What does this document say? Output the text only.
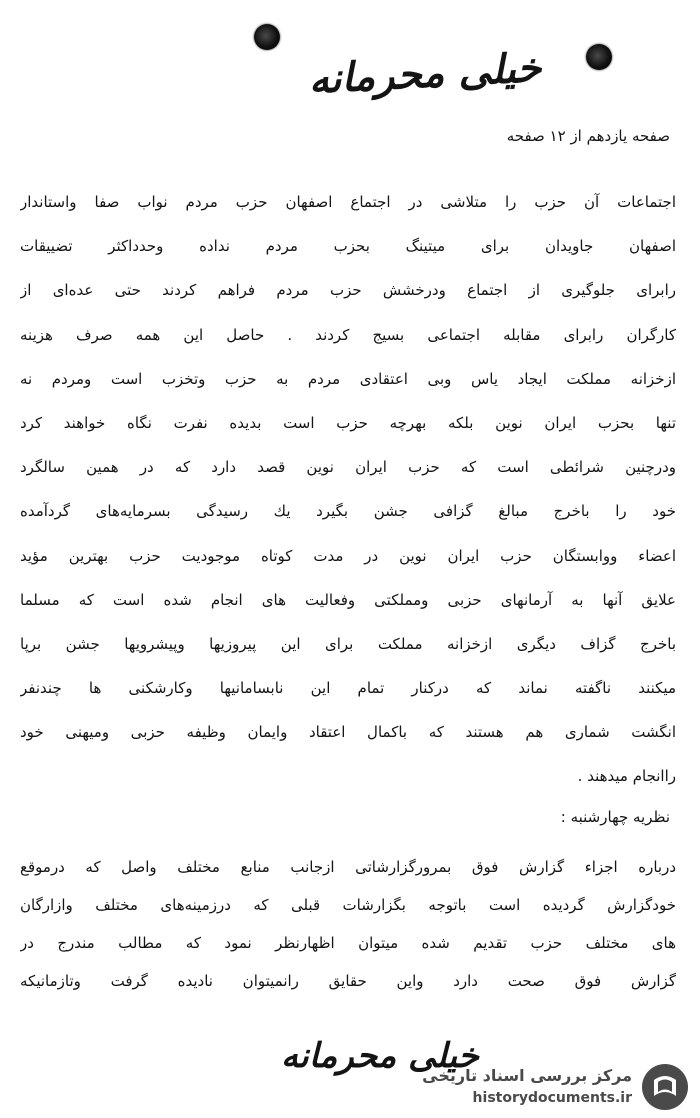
خیلی محرمانه
صفحه یازدهم از ۱۲ صفحه
اجتماعات آن حزب را متلاشی در اجتماع اصفهان حزب مردم نواب صفا واستاندار
اصفهان جاویدان برای میتینگ بحزب مردم نداده وحدداکثر تضییقات
رابرای جلوگیری از اجتماع ودرخشش حزب مردم فراهم کردند حتی عده‌ای از
کارگران رابرای مقابله اجتماعی بسیج کردند . حاصل این همه صرف هزینه
ازخزانه مملکت ایجاد یاس وبی اعتقادی مردم به حزب وتخزب است ومردم نه
تنها بحزب ایران نوین بلکه بهرچه حزب است بدیده نفرت نگاه خواهند کرد
ودرچنین شرائطی است که حزب ایران نوین قصد دارد که در همین سالگرد
خود را باخرج مبالغ گزافی جشن بگیرد یك رسیدگی بسرمایه‌های گردآمده
اعضاء ووابستگان حزب ایران نوین در مدت کوتاه موجودیت حزب بهترین مؤید
علایق آنها به آرمانهای حزبی ومملکتی وفعالیت های انجام شده است که مسلما
باخرج گزاف دیگری ازخزانه مملکت برای این پیروزیها وپیشرویها جشن برپا
میکنند ناگفته نماند که درکنار تمام این نابسامانیها وکارشکنی ها چندنفر
انگشت شماری هم هستند که باکمال اعتقاد وایمان وظیفه حزبی ومیهنی خود
راانجام میدهند .
نظریه چهارشنبه :
درباره اجزاء گزارش فوق بمرورگزارشاتی ازجانب منابع مختلف واصل که درموقع
خودگزارش گردیده است باتوجه بگزارشات قبلی که درزمینه‌های مختلف وازارگان
های مختلف حزب تقدیم شده میتوان اظهارنظر نمود که مطالب مندرج در
گزارش فوق صحت دارد واین حقایق رانمیتوان نادیده گرفت وتازمانیکه
خیلی محرمانه
مرکز بررسی اسناد تاریخی
historydocuments.ir
